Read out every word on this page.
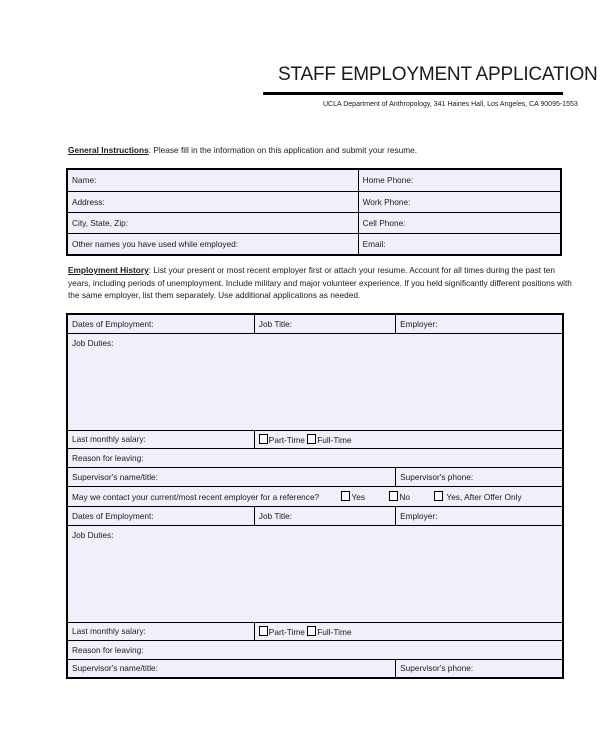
STAFF EMPLOYMENT APPLICATION
UCLA Department of Anthropology, 341 Haines Hall, Los Angeles, CA 90095-1553
General Instructions: Please fill in the information on this application and submit your resume.
Name:	Home Phone:
Address:	Work Phone:
City, State, Zip:	Cell Phone:
Other names you have used while employed:	Email:
Employment History: List your present or most recent employer first or attach your resume. Account for all times during the past ten
years, including periods of unemployment. Include military and major volunteer experience. If you held significantly different positions with
the same employer, list them separately. Use additional applications as needed.
Dates of Employment:	Job Title:	Employer:
Job Duties:		
Last monthly salary:	Part-Time Full-Time	
Reason for leaving:		
Supervisor's name/title:		Supervisor's phone:
May we contact your current/most recent employer for a reference? Yes No Yes, After Offer Only		
Dates of Employment:	Job Title:	Employer:
Job Duties:		
Last monthly salary:	Part-Time Full-Time	
Reason for leaving:		
Supervisor's name/title:		Supervisor's phone:
